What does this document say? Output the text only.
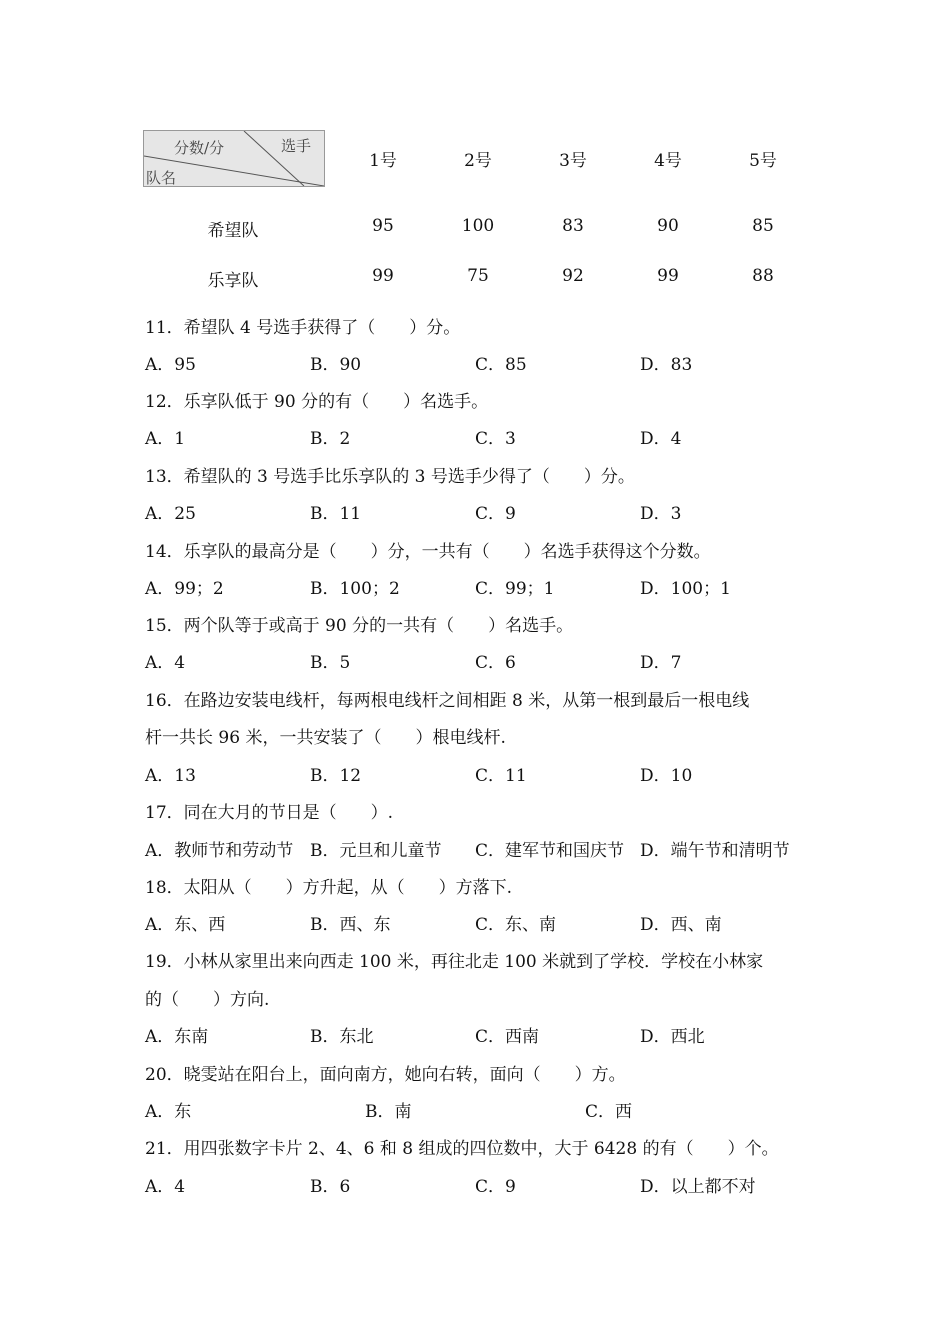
分数/分	选手
队名
1号	2号	3号	4号	5号
希望队	95	100	83	90	85
乐享队	99	75	92	99	88
11．希望队 4 号选手获得了（　　）分。
A．95	B．90	C．85	D．83
12．乐享队低于 90 分的有（　　）名选手。
A．1	B．2	C．3	D．4
13．希望队的 3 号选手比乐享队的 3 号选手少得了（　　）分。
A．25	B．11	C．9	D．3
14．乐享队的最高分是（　　）分，一共有（　　）名选手获得这个分数。
A．99；2	B．100；2	C．99；1	D．100；1
15．两个队等于或高于 90 分的一共有（　　）名选手。
A．4	B．5	C．6	D．7
16．在路边安装电线杆，每两根电线杆之间相距 8 米，从第一根到最后一根电线
杆一共长 96 米，一共安装了（　　）根电线杆.
A．13	B．12	C．11	D．10
17．同在大月的节日是（　　）.
A．教师节和劳动节 B．元旦和儿童节 C．建军节和国庆节 D．端午节和清明节
18．太阳从（　　）方升起，从（　　）方落下.
A．东、西	B．西、东	C．东、南	D．西、南
19．小林从家里出来向西走 100 米，再往北走 100 米就到了学校．学校在小林家
的（　　）方向.
A．东南	B．东北	C．西南	D．西北
20．晓雯站在阳台上，面向南方，她向右转，面向（　　）方。
A．东	B．南	C．西
21．用四张数字卡片 2、4、6 和 8 组成的四位数中，大于 6428 的有（　　）个。
A．4	B．6	C．9	D．以上都不对
